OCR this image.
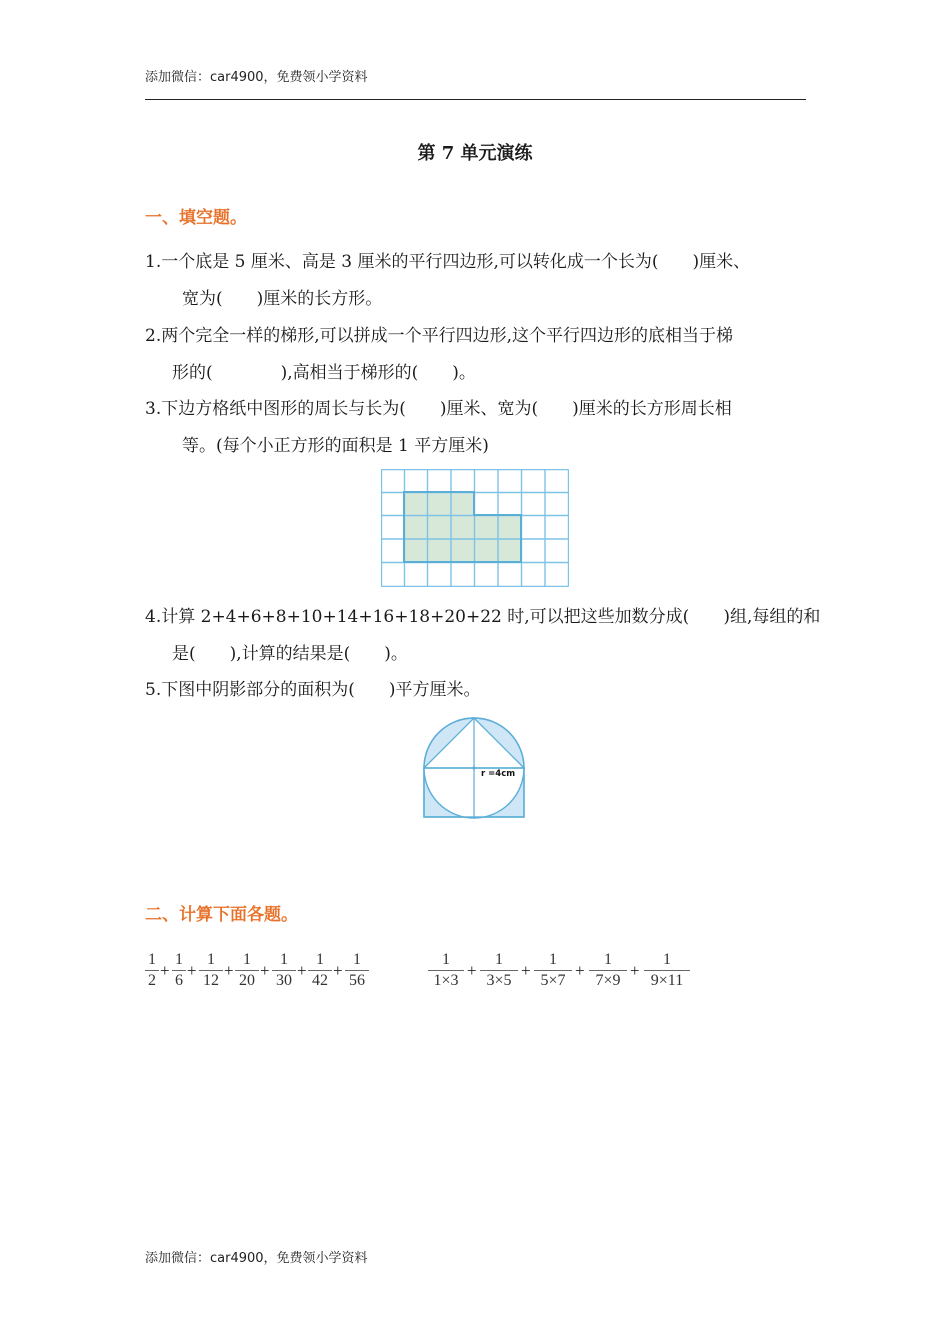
添加微信：car4900，免费领小学资料
第 7 单元演练
一、填空题。
1.一个底是 5 厘米、高是 3 厘米的平行四边形,可以转化成一个长为(　　)厘米、
宽为(　　)厘米的长方形。
2.两个完全一样的梯形,可以拼成一个平行四边形,这个平行四边形的底相当于梯
形的(　　　　),高相当于梯形的(　　)。
3.下边方格纸中图形的周长与长为(　　)厘米、宽为(　　)厘米的长方形周长相
等。(每个小正方形的面积是 1 平方厘米)
4.计算 2+4+6+8+10+14+16+18+20+22 时,可以把这些加数分成(　　)组,每组的和
是(　　),计算的结果是(　　)。
5.下图中阴影部分的面积为(　　)平方厘米。
r =4cm
二、计算下面各题。
1
2
+
1
6
+
1
12
+
1
20
+
1
30
+
1
42
+
1
56
1
1×3
+
1
3×5
+
1
5×7
+
1
7×9
+
1
9×11
添加微信：car4900，免费领小学资料
